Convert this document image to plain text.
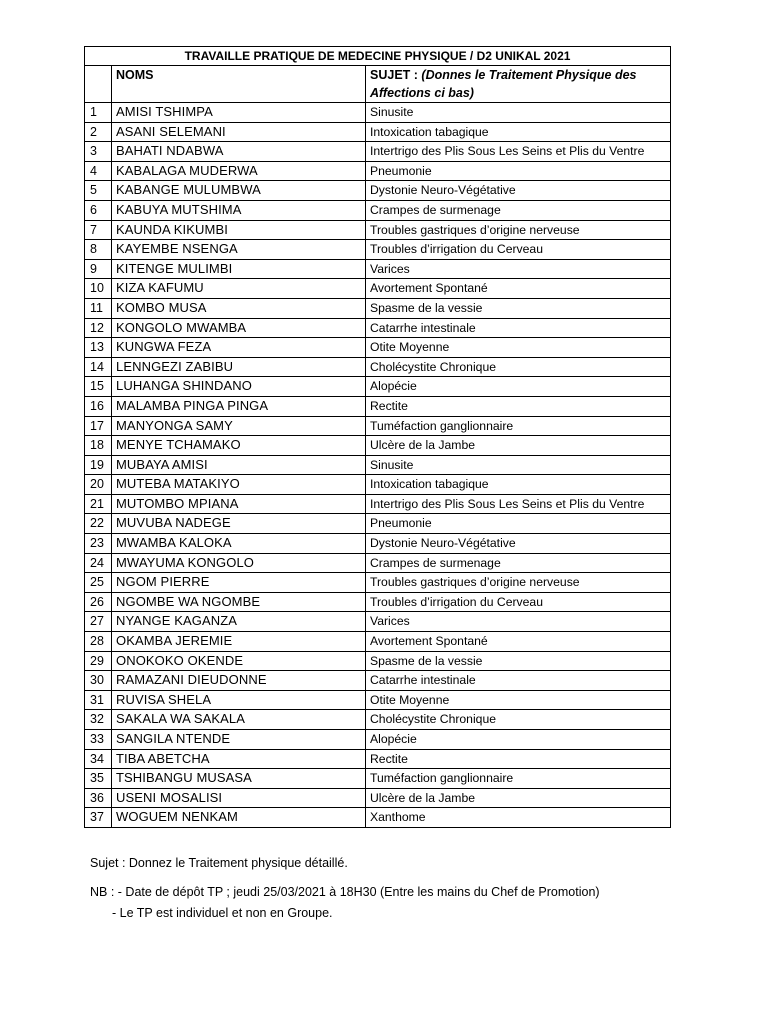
TRAVAILLE PRATIQUE DE MEDECINE PHYSIQUE / D2 UNIKAL 2021		
	NOMS	SUJET : (Donnes le Traitement Physique des Affections ci bas)
1	AMISI TSHIMPA	Sinusite
2	ASANI SELEMANI	Intoxication tabagique
3	BAHATI NDABWA	Intertrigo des Plis Sous Les Seins et Plis du Ventre
4	KABALAGA MUDERWA	Pneumonie
5	KABANGE MULUMBWA	Dystonie Neuro-Végétative
6	KABUYA MUTSHIMA	Crampes de surmenage
7	KAUNDA KIKUMBI	Troubles gastriques d’origine nerveuse
8	KAYEMBE NSENGA	Troubles d’irrigation du Cerveau
9	KITENGE MULIMBI	Varices
10	KIZA KAFUMU	Avortement Spontané
11	KOMBO MUSA	Spasme de la vessie
12	KONGOLO MWAMBA	Catarrhe intestinale
13	KUNGWA FEZA	Otite Moyenne
14	LENNGEZI ZABIBU	Cholécystite Chronique
15	LUHANGA SHINDANO	Alopécie
16	MALAMBA PINGA PINGA	Rectite
17	MANYONGA SAMY	Tuméfaction ganglionnaire
18	MENYE TCHAMAKO	Ulcère de la Jambe
19	MUBAYA AMISI	Sinusite
20	MUTEBA MATAKIYO	Intoxication tabagique
21	MUTOMBO MPIANA	Intertrigo des Plis Sous Les Seins et Plis du Ventre
22	MUVUBA NADEGE	Pneumonie
23	MWAMBA KALOKA	Dystonie Neuro-Végétative
24	MWAYUMA KONGOLO	Crampes de surmenage
25	NGOM PIERRE	Troubles gastriques d’origine nerveuse
26	NGOMBE WA NGOMBE	Troubles d’irrigation du Cerveau
27	NYANGE KAGANZA	Varices
28	OKAMBA JEREMIE	Avortement Spontané
29	ONOKOKO OKENDE	Spasme de la vessie
30	RAMAZANI DIEUDONNE	Catarrhe intestinale
31	RUVISA SHELA	Otite Moyenne
32	SAKALA WA SAKALA	Cholécystite Chronique
33	SANGILA NTENDE	Alopécie
34	TIBA ABETCHA	Rectite
35	TSHIBANGU MUSASA	Tuméfaction ganglionnaire
36	USENI MOSALISI	Ulcère de la Jambe
37	WOGUEM NENKAM	Xanthome
Sujet : Donnez le Traitement physique détaillé.
NB : - Date de dépôt TP ; jeudi 25/03/2021 à 18H30 (Entre les mains du Chef de Promotion)
- Le TP est individuel et non en Groupe.
